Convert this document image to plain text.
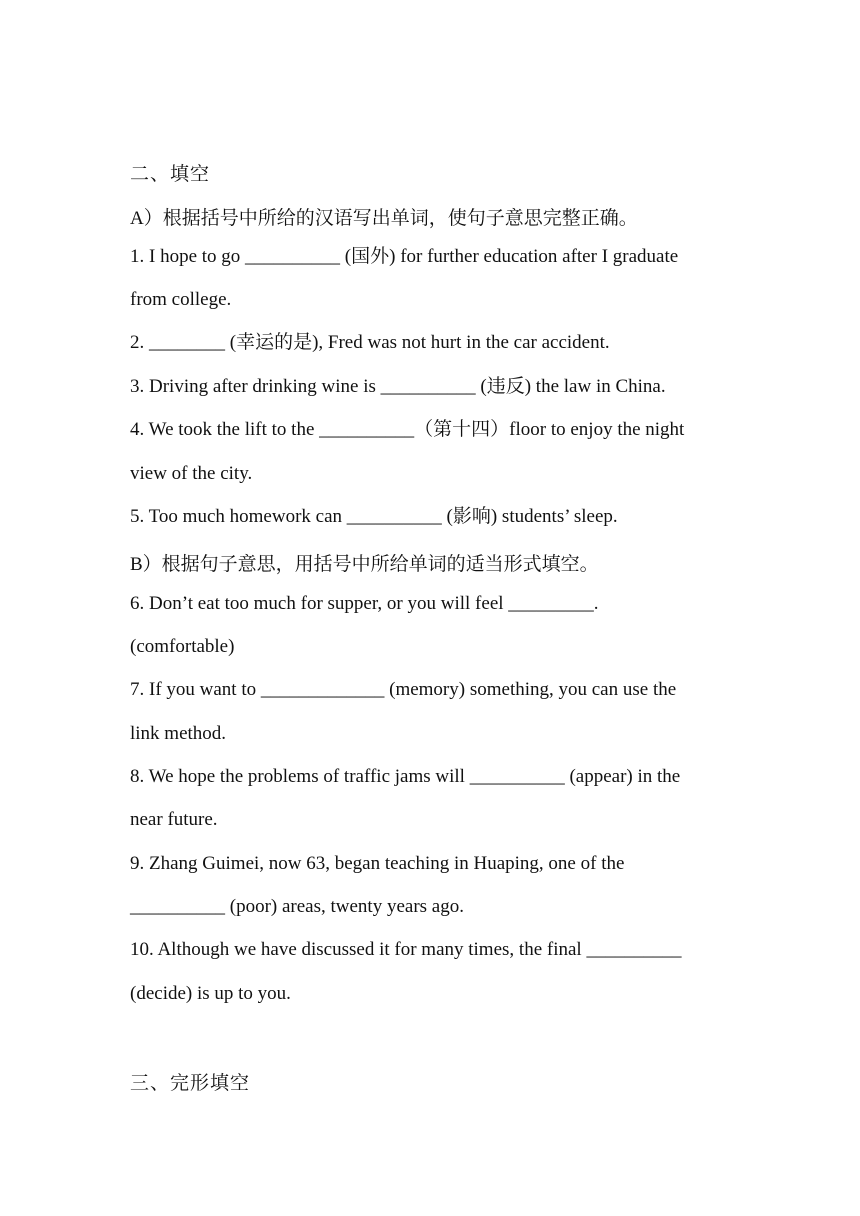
二、填空
A）根据括号中所给的汉语写出单词，使句子意思完整正确。
1. I hope to go __________ (国外) for further education after I graduate
from college.
2. ________ (幸运的是), Fred was not hurt in the car accident.
3. Driving after drinking wine is __________ (违反) the law in China.
4. We took the lift to the __________（第十四）floor to enjoy the night
view of the city.
5. Too much homework can __________ (影响) students’ sleep.
B）根据句子意思，用括号中所给单词的适当形式填空。
6. Don’t eat too much for supper, or you will feel _________.
(comfortable)
7. If you want to _____________ (memory) something, you can use the
link method.
8. We hope the problems of traffic jams will __________ (appear) in the
near future.
9. Zhang Guimei, now 63, began teaching in Huaping, one of the
__________ (poor) areas, twenty years ago.
10. Although we have discussed it for many times, the final __________
(decide) is up to you.
三、完形填空
